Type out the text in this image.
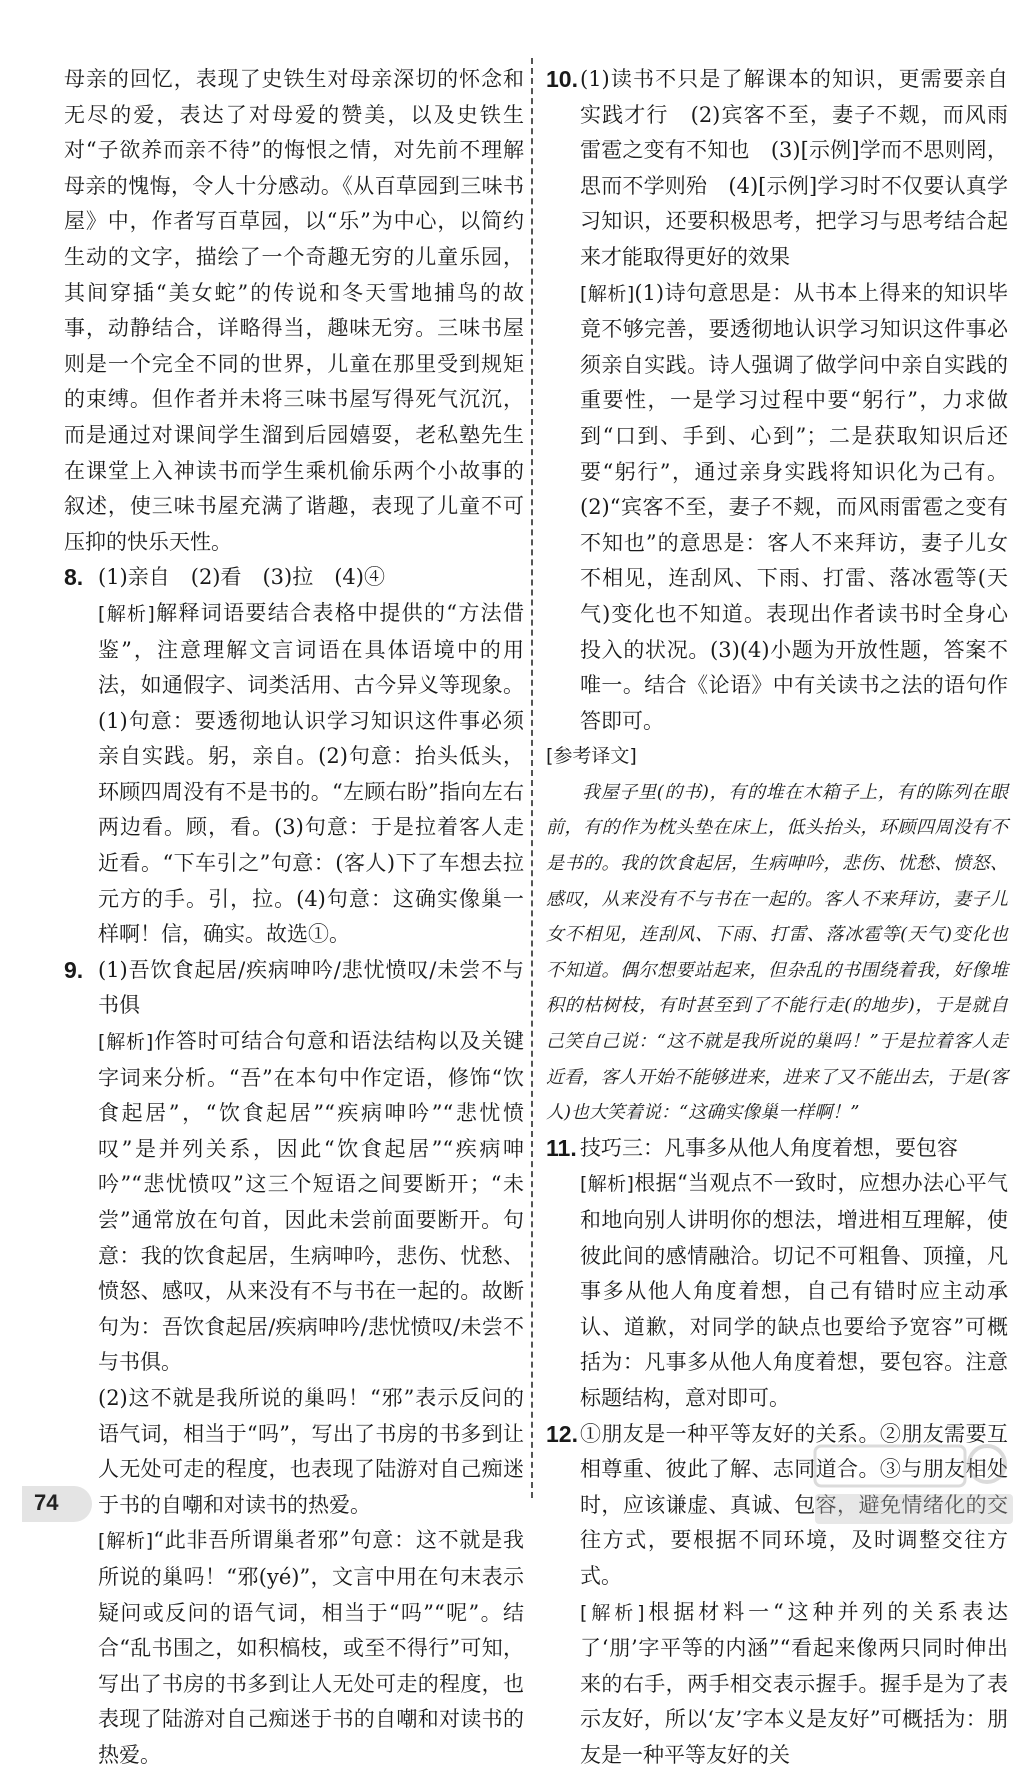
母亲的回忆，表现了史铁生对母亲深切的怀念和无尽的爱，表达了对母爱的赞美，以及史铁生对“子欲养而亲不待”的悔恨之情，对先前不理解母亲的愧悔，令人十分感动。《从百草园到三味书屋》中，作者写百草园，以“乐”为中心，以简约生动的文字，描绘了一个奇趣无穷的儿童乐园，其间穿插“美女蛇”的传说和冬天雪地捕鸟的故事，动静结合，详略得当，趣味无穷。三味书屋则是一个完全不同的世界，儿童在那里受到规矩的束缚。但作者并未将三味书屋写得死气沉沉，而是通过对课间学生溜到后园嬉耍，老私塾先生在课堂上入神读书而学生乘机偷乐两个小故事的叙述，使三味书屋充满了谐趣，表现了儿童不可压抑的快乐天性。

8. (1)亲自　(2)看　(3)拉　(4)④

[解析]解释词语要结合表格中提供的“方法借鉴”，注意理解文言词语在具体语境中的用法，如通假字、词类活用、古今异义等现象。(1)句意：要透彻地认识学习知识这件事必须亲自实践。躬，亲自。(2)句意：抬头低头，环顾四周没有不是书的。“左顾右盼”指向左右两边看。顾，看。(3)句意：于是拉着客人走近看。“下车引之”句意：(客人)下了车想去拉元方的手。引，拉。(4)句意：这确实像巢一样啊！信，确实。故选①。

9. (1)吾饮食起居/疾病呻吟/悲忧愤叹/未尝不与书俱

[解析]作答时可结合句意和语法结构以及关键字词来分析。“吾”在本句中作定语，修饰“饮食起居”，“饮食起居”“疾病呻吟”“悲忧愤叹”是并列关系，因此“饮食起居”“疾病呻吟”“悲忧愤叹”这三个短语之间要断开；“未尝”通常放在句首，因此未尝前面要断开。句意：我的饮食起居，生病呻吟，悲伤、忧愁、愤怒、感叹，从来没有不与书在一起的。故断句为：吾饮食起居/疾病呻吟/悲忧愤叹/未尝不与书俱。

(2)这不就是我所说的巢吗！“邪”表示反问的语气词，相当于“吗”，写出了书房的书多到让人无处可走的程度，也表现了陆游对自己痴迷于书的自嘲和对读书的热爱。

[解析]“此非吾所谓巢者邪”句意：这不就是我所说的巢吗！“邪(yé)”，文言中用在句末表示疑问或反问的语气词，相当于“吗”“呢”。结合“乱书围之，如积槁枝，或至不得行”可知，写出了书房的书多到让人无处可走的程度，也表现了陆游对自己痴迷于书的自嘲和对读书的热爱。

10. (1)读书不只是了解课本的知识，更需要亲自实践才行　(2)宾客不至，妻子不觌，而风雨雷雹之变有不知也　(3)[示例]学而不思则罔，思而不学则殆　(4)[示例]学习时不仅要认真学习知识，还要积极思考，把学习与思考结合起来才能取得更好的效果

[解析](1)诗句意思是：从书本上得来的知识毕竟不够完善，要透彻地认识学习知识这件事必须亲自实践。诗人强调了做学问中亲自实践的重要性，一是学习过程中要“躬行”，力求做到“口到、手到、心到”；二是获取知识后还要“躬行”，通过亲身实践将知识化为己有。(2)“宾客不至，妻子不觌，而风雨雷雹之变有不知也”的意思是：客人不来拜访，妻子儿女不相见，连刮风、下雨、打雷、落冰雹等(天气)变化也不知道。表现出作者读书时全身心投入的状况。(3)(4)小题为开放性题，答案不唯一。结合《论语》中有关读书之法的语句作答即可。

[参考译文]

我屋子里(的书)，有的堆在木箱子上，有的陈列在眼前，有的作为枕头垫在床上，低头抬头，环顾四周没有不是书的。我的饮食起居，生病呻吟，悲伤、忧愁、愤怒、感叹，从来没有不与书在一起的。客人不来拜访，妻子儿女不相见，连刮风、下雨、打雷、落冰雹等(天气)变化也不知道。偶尔想要站起来，但杂乱的书围绕着我，好像堆积的枯树枝，有时甚至到了不能行走(的地步)，于是就自己笑自己说：“这不就是我所说的巢吗！”于是拉着客人走近看，客人开始不能够进来，进来了又不能出去，于是(客人)也大笑着说：“这确实像巢一样啊！”

11. 技巧三：凡事多从他人角度着想，要包容

[解析]根据“当观点不一致时，应想办法心平气和地向别人讲明你的想法，增进相互理解，使彼此间的感情融洽。切记不可粗鲁、顶撞，凡事多从他人角度着想，自己有错时应主动承认、道歉，对同学的缺点也要给予宽容”可概括为：凡事多从他人角度着想，要包容。注意标题结构，意对即可。

12. ①朋友是一种平等友好的关系。②朋友需要互相尊重、彼此了解、志同道合。③与朋友相处时，应该谦虚、真诚、包容，避免情绪化的交往方式，要根据不同环境，及时调整交往方式。

[解析]根据材料一“这种并列的关系表达了‘朋’字平等的内涵”“看起来像两只同时伸出来的右手，两手相交表示握手。握手是为了表示友好，所以‘友’字本义是友好”可概括为：朋友是一种平等友好的关

74
